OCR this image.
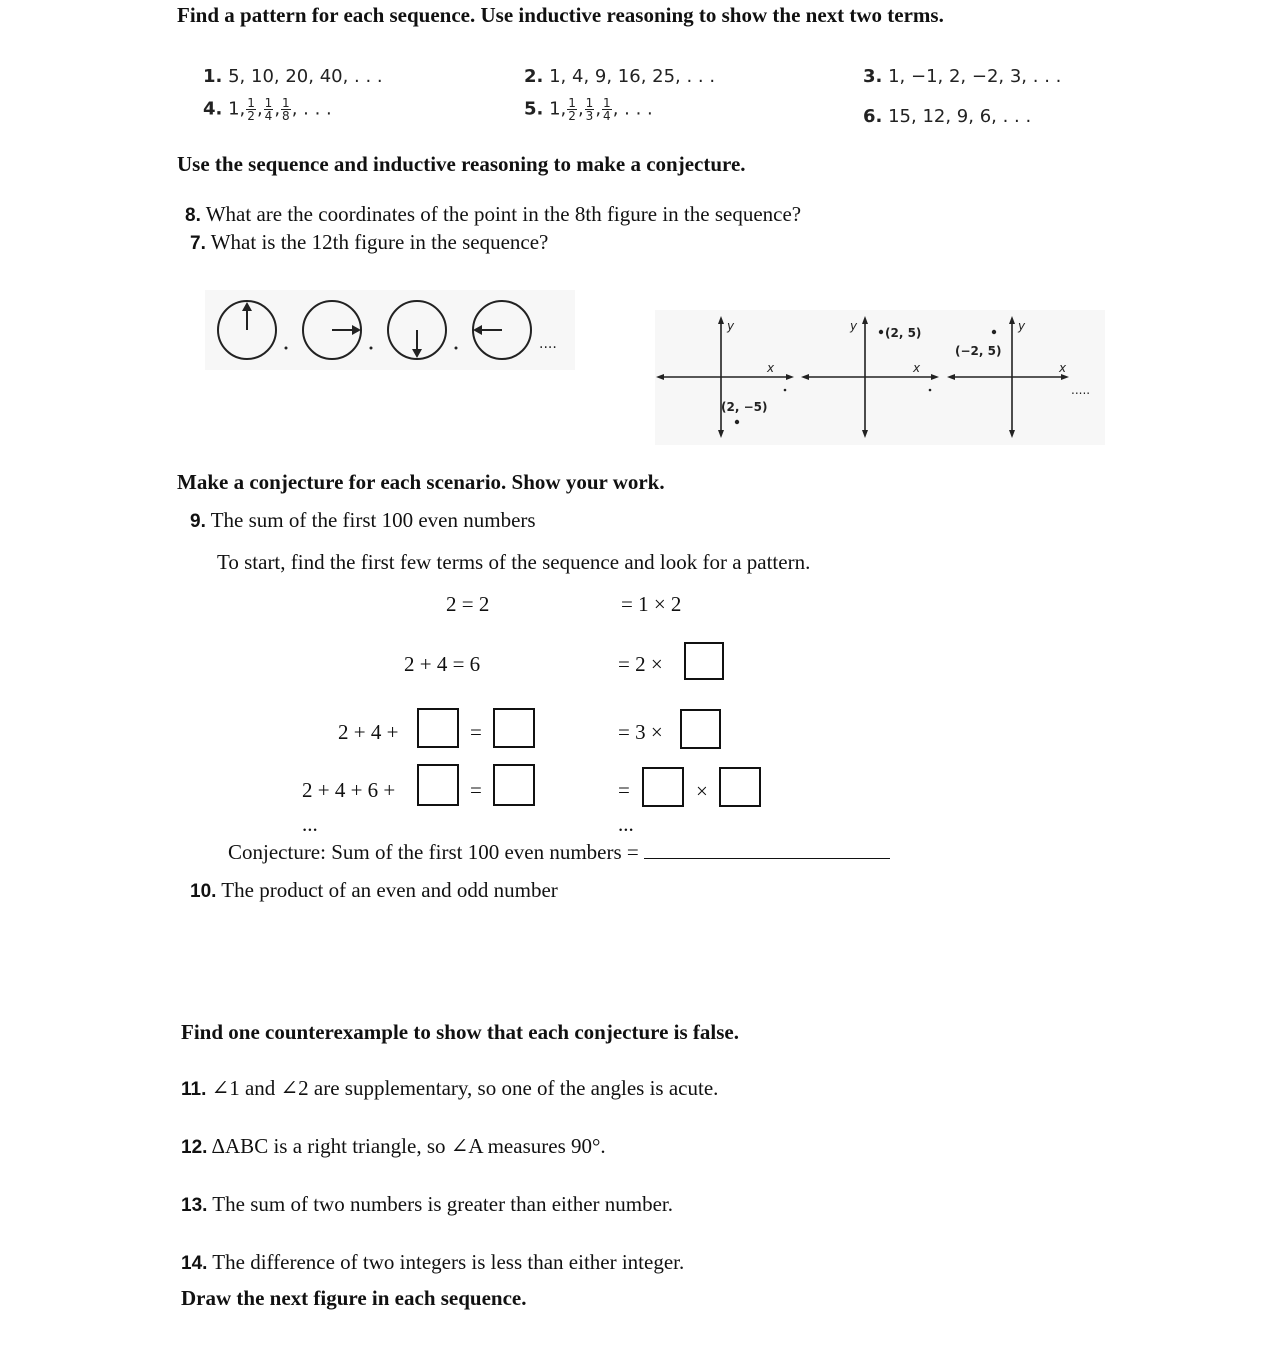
Find a pattern for each sequence. Use inductive reasoning to show the next two terms.
1. 5, 10, 20, 40, . . .	2. 1, 4, 9, 16, 25, . . .	3. 1, −1, 2, −2, 3, . . .
4. 1, $\frac{1}{2}$ , $\frac{1}{4}$ , $\frac{1}{8}$ , . . .	5. 1, $\frac{1}{2}$ , $\frac{1}{3}$ , $\frac{1}{4}$ , . . .	6. 15, 12, 9, 6, . . .
Use the sequence and inductive reasoning to make a conjecture.
8. What are the coordinates of the point in the 8th figure in the sequence?
7. What is the 12th figure in the sequence?
....
y
x
y
x
y
x
(2, −5)
(2, 5)
(−2, 5)
.....
Make a conjecture for each scenario. Show your work.
9. The sum of the first 100 even numbers
To start, find the first few terms of the sequence and look for a pattern.
2 = 2	= 1 × 2
2 + 4 = 6	= 2 ×
2 + 4 +	=	= 3 ×
2 + 4 + 6 +	=	=	×
...	...
Conjecture: Sum of the first 100 even numbers =
10. The product of an even and odd number
Find one counterexample to show that each conjecture is false.
11. ∠1 and ∠2 are supplementary, so one of the angles is acute.
12. ΔABC is a right triangle, so ∠A measures 90°.
13. The sum of two numbers is greater than either number.
14. The difference of two integers is less than either integer.
Draw the next figure in each sequence.
